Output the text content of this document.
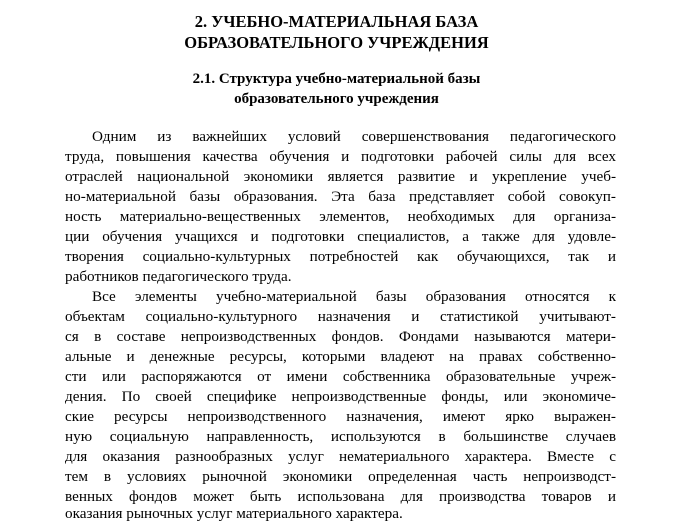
2. УЧЕБНО-МАТЕРИАЛЬНАЯ БАЗА
ОБРАЗОВАТЕЛЬНОГО УЧРЕЖДЕНИЯ
2.1. Структура учебно-материальной базы
образовательного учреждения
Одним из важнейших условий совершенствования педагогического
труда, повышения качества обучения и подготовки рабочей силы для всех
отраслей национальной экономики является развитие и укрепление учеб-
но-материальной базы образования. Эта база представляет собой совокуп-
ность материально-вещественных элементов, необходимых для организа-
ции обучения учащихся и подготовки специалистов, а также для удовле-
творения социально-культурных потребностей как обучающихся, так и
работников педагогического труда.
Все элементы учебно-материальной базы образования относятся к
объектам социально-культурного назначения и статистикой учитывают-
ся в составе непроизводственных фондов. Фондами называются матери-
альные и денежные ресурсы, которыми владеют на правах собственно-
сти или распоряжаются от имени собственника образовательные учреж-
дения. По своей специфике непроизводственные фонды, или экономиче-
ские ресурсы непроизводственного назначения, имеют ярко выражен-
ную социальную направленность, используются в большинстве случаев
для оказания разнообразных услуг нематериального характера. Вместе с
тем в условиях рыночной экономики определенная часть непроизводст-
венных фондов может быть использована для производства товаров и
оказания рыночных услуг материального характера.
